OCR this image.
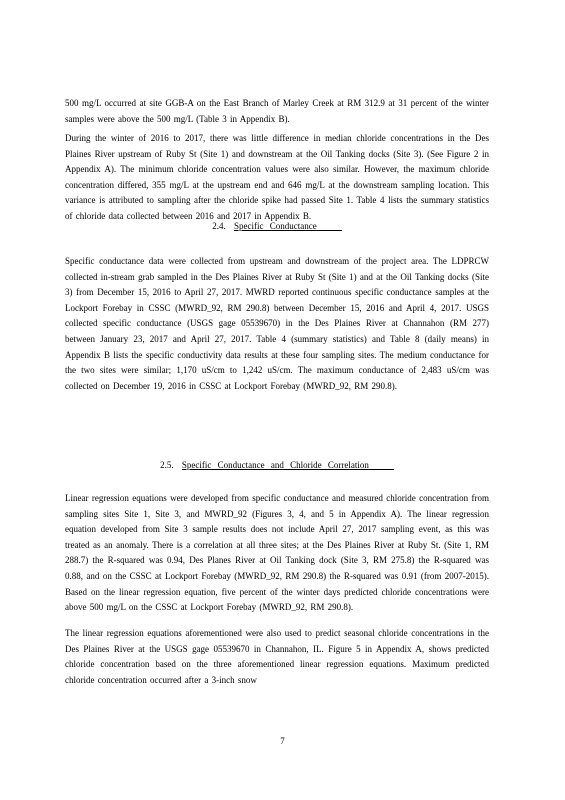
500 mg/L occurred at site GGB-A on the East Branch of Marley Creek at RM 312.9 at 31 percent of the winter samples were above the 500 mg/L (Table 3 in Appendix B).

During the winter of 2016 to 2017, there was little difference in median chloride concentrations in the Des Plaines River upstream of Ruby St (Site 1) and downstream at the Oil Tanking docks (Site 3). (See Figure 2 in Appendix A). The minimum chloride concentration values were also similar. However, the maximum chloride concentration differed, 355 mg/L at the upstream end and 646 mg/L at the downstream sampling location. This variance is attributed to sampling after the chloride spike had passed Site 1. Table 4 lists the summary statistics of chloride data collected between 2016 and 2017 in Appendix B.

2.4. Specific Conductance

Specific conductance data were collected from upstream and downstream of the project area. The LDPRCW collected in-stream grab sampled in the Des Plaines River at Ruby St (Site 1) and at the Oil Tanking docks (Site 3) from December 15, 2016 to April 27, 2017. MWRD reported continuous specific conductance samples at the Lockport Forebay in CSSC (MWRD_92, RM 290.8) between December 15, 2016 and April 4, 2017. USGS collected specific conductance (USGS gage 05539670) in the Des Plaines River at Channahon (RM 277) between January 23, 2017 and April 27, 2017. Table 4 (summary statistics) and Table 8 (daily means) in Appendix B lists the specific conductivity data results at these four sampling sites. The medium conductance for the two sites were similar; 1,170 uS/cm to 1,242 uS/cm. The maximum conductance of 2,483 uS/cm was collected on December 19, 2016 in CSSC at Lockport Forebay (MWRD_92, RM 290.8).

2.5. Specific Conductance and Chloride Correlation

Linear regression equations were developed from specific conductance and measured chloride concentration from sampling sites Site 1, Site 3, and MWRD_92 (Figures 3, 4, and 5 in Appendix A). The linear regression equation developed from Site 3 sample results does not include April 27, 2017 sampling event, as this was treated as an anomaly. There is a correlation at all three sites; at the Des Plaines River at Ruby St. (Site 1, RM 288.7) the R-squared was 0.94, Des Planes River at Oil Tanking dock (Site 3, RM 275.8) the R-squared was 0.88, and on the CSSC at Lockport Forebay (MWRD_92, RM 290.8) the R-squared was 0.91 (from 2007-2015). Based on the linear regression equation, five percent of the winter days predicted chloride concentrations were above 500 mg/L on the CSSC at Lockport Forebay (MWRD_92, RM 290.8).

The linear regression equations aforementioned were also used to predict seasonal chloride concentrations in the Des Plaines River at the USGS gage 05539670 in Channahon, IL. Figure 5 in Appendix A, shows predicted chloride concentration based on the three aforementioned linear regression equations. Maximum predicted chloride concentration occurred after a 3-inch snow

7
